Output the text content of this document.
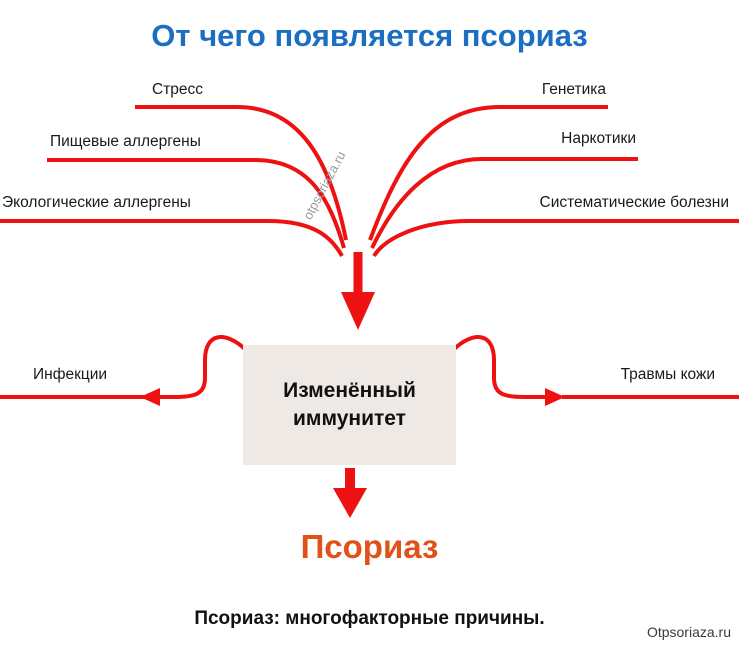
От чего появляется псориаз
Стресс
Пищевые аллергены
Экологические аллергены
Генетика
Наркотики
Систематические болезни
Инфекции	Травмы кожи
Изменённый
иммунитет
otpsoriaza.ru
Псориаз
Псориаз: многофакторные причины.
Otpsoriaza.ru
